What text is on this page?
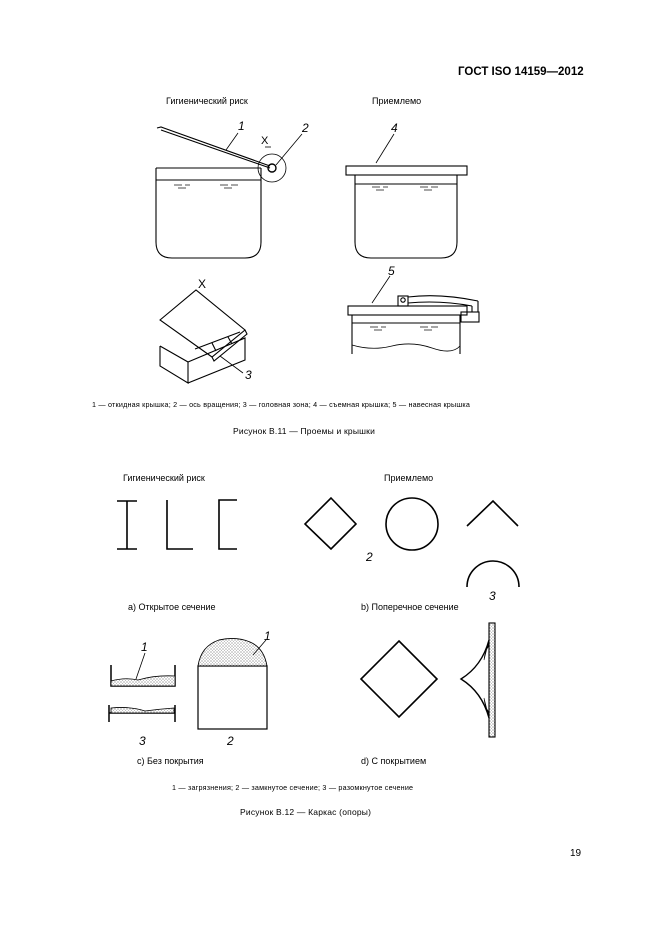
ГОСТ ISO 14159—2012
Гигиенический риск	Приемлемо
1	2
X
4
X
5
3
1 — откидная крышка; 2 — ось вращения; 3 — головная зона; 4 — съемная крышка; 5 — навесная крышка
Рисунок В.11 — Проемы и крышки
Гигиенический риск	Приемлемо
2
3
a) Открытое сечение	b) Поперечное сечение
1
1
3	2
c) Без покрытия	d) С покрытием
1 — загрязнения; 2 — замкнутое сечение; 3 — разомкнутое сечение
Рисунок В.12 — Каркас (опоры)
19
